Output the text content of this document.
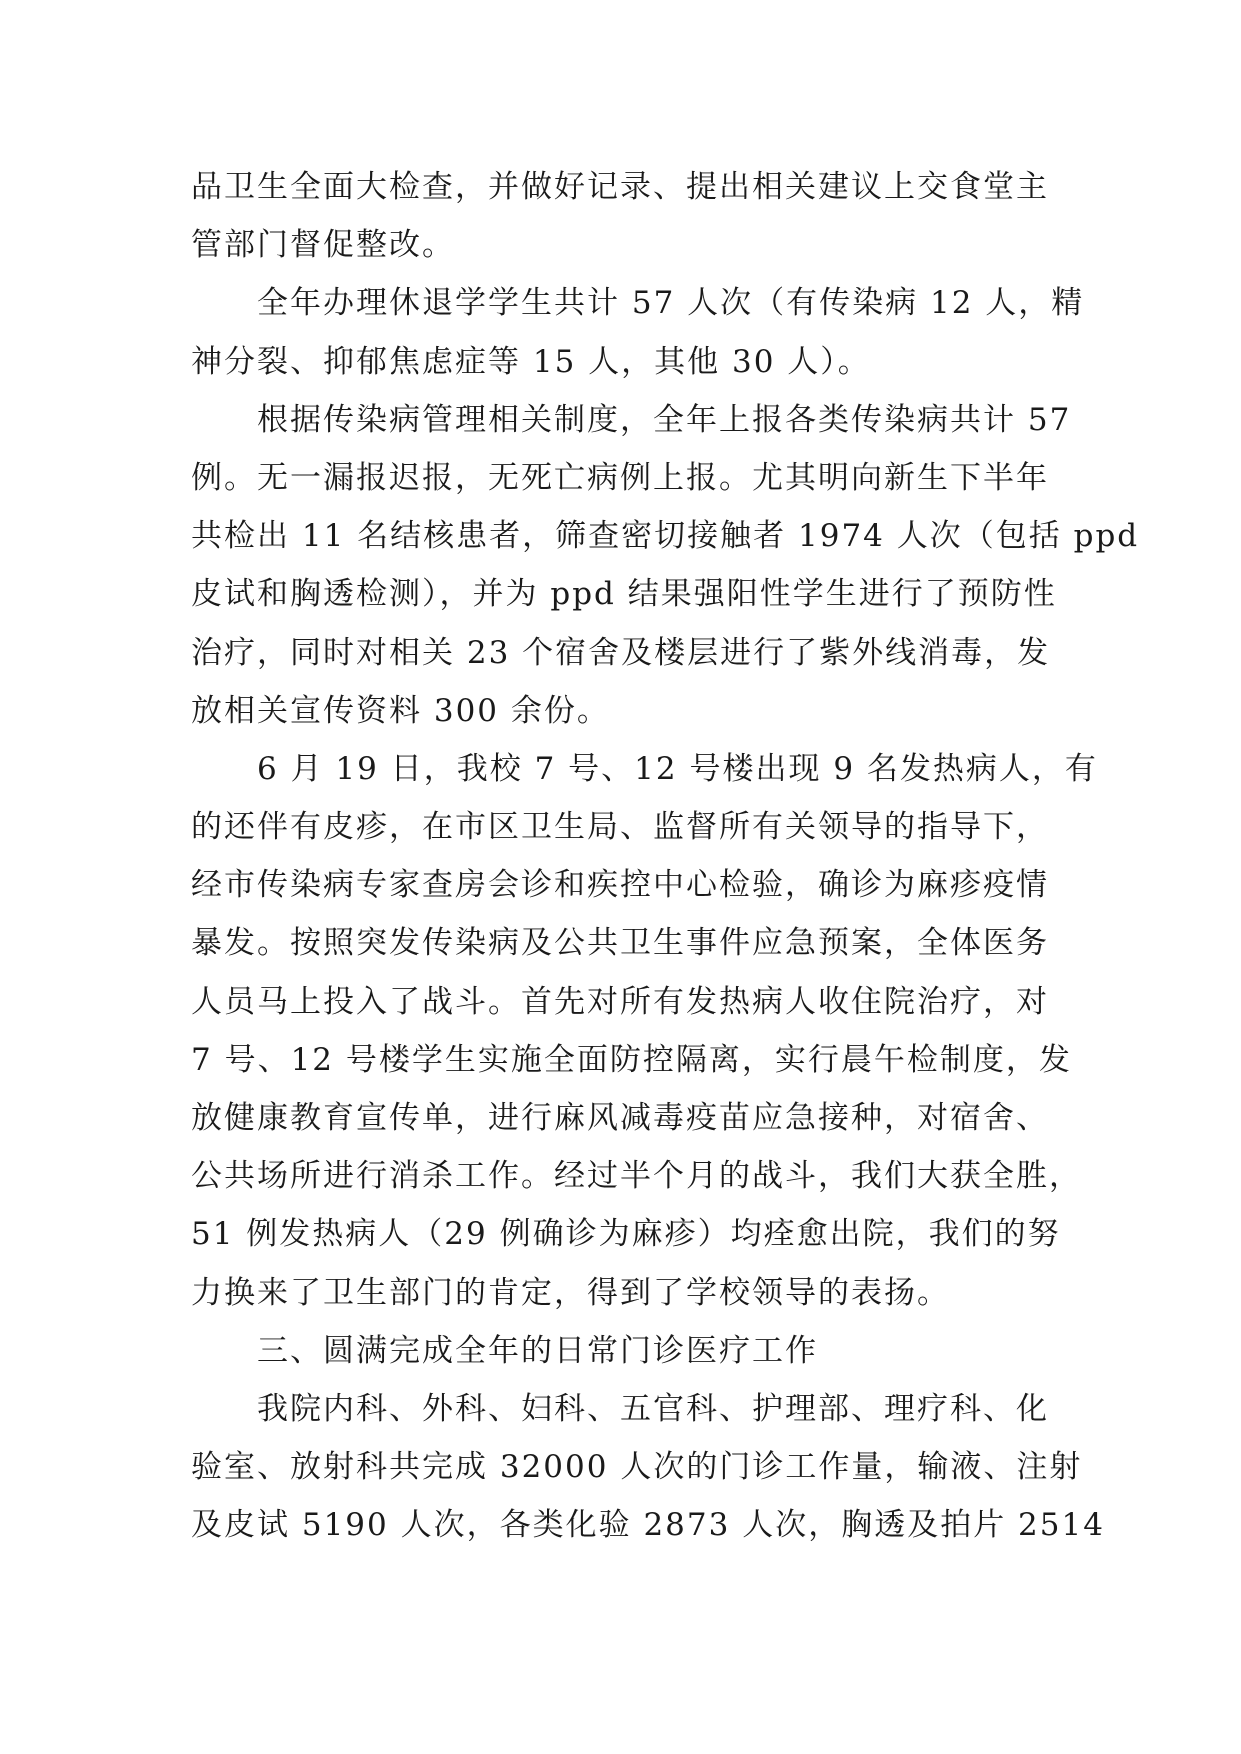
品卫生全面大检查，并做好记录、提出相关建议上交食堂主
管部门督促整改。
全年办理休退学学生共计 57 人次（有传染病 12 人，精
神分裂、抑郁焦虑症等 15 人，其他 30 人）。
根据传染病管理相关制度，全年上报各类传染病共计 57
例。无一漏报迟报，无死亡病例上报。尤其明向新生下半年
共检出 11 名结核患者，筛查密切接触者 1974 人次（包括 ppd
皮试和胸透检测），并为 ppd 结果强阳性学生进行了预防性
治疗，同时对相关 23 个宿舍及楼层进行了紫外线消毒，发
放相关宣传资料 300 余份。
6 月 19 日，我校 7 号、12 号楼出现 9 名发热病人，有
的还伴有皮疹，在市区卫生局、监督所有关领导的指导下，
经市传染病专家查房会诊和疾控中心检验，确诊为麻疹疫情
暴发。按照突发传染病及公共卫生事件应急预案，全体医务
人员马上投入了战斗。首先对所有发热病人收住院治疗，对
7 号、12 号楼学生实施全面防控隔离，实行晨午检制度，发
放健康教育宣传单，进行麻风减毒疫苗应急接种，对宿舍、
公共场所进行消杀工作。经过半个月的战斗，我们大获全胜，
51 例发热病人（29 例确诊为麻疹）均痊愈出院，我们的努
力换来了卫生部门的肯定，得到了学校领导的表扬。
三、圆满完成全年的日常门诊医疗工作
我院内科、外科、妇科、五官科、护理部、理疗科、化
验室、放射科共完成 32000 人次的门诊工作量，输液、注射
及皮试 5190 人次，各类化验 2873 人次，胸透及拍片 2514
